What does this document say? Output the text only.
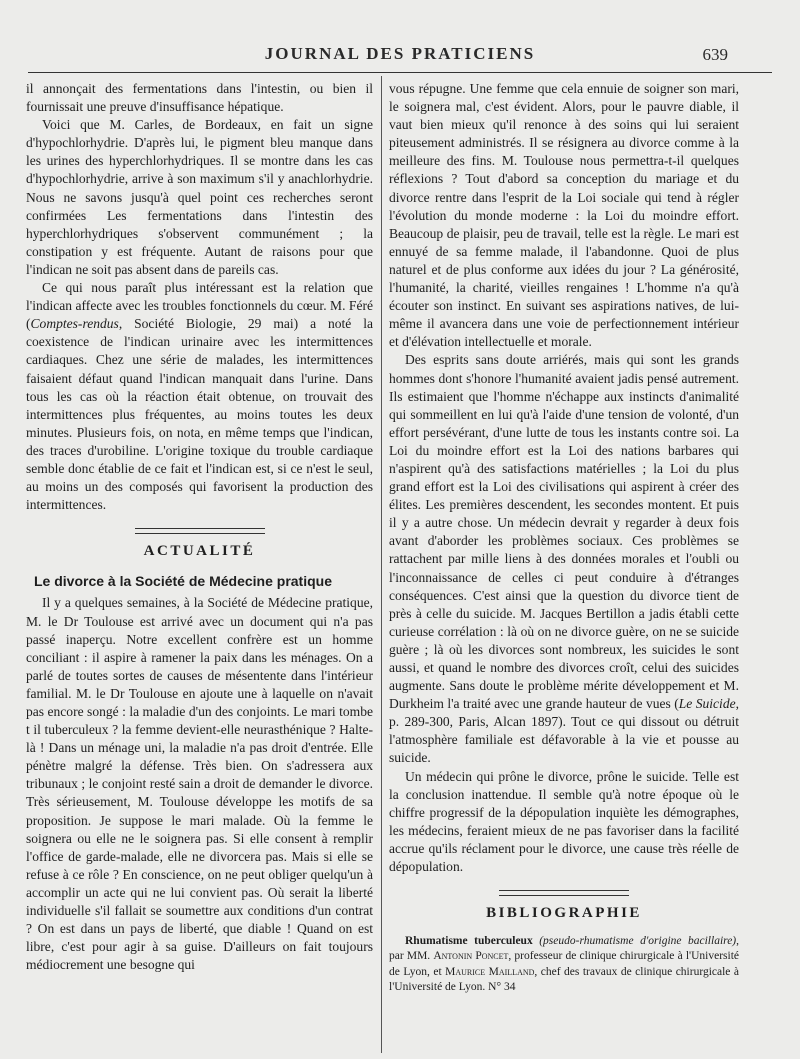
JOURNAL DES PRATICIENS	639

il annonçait des fermentations dans l'intestin, ou bien il fournissait une preuve d'insuffisance hépatique.

Voici que M. Carles, de Bordeaux, en fait un signe d'hypochlorhydrie. D'après lui, le pigment bleu manque dans les urines des hyperchlorhydriques. Il se montre dans les cas d'hypochlorhydrie, arrive à son maximum s'il y anachlorhydrie. Nous ne savons jusqu'à quel point ces recherches seront confirmées Les fermentations dans l'intestin des hyperchlorhydriques s'observent communément ; la constipation y est fréquente. Autant de raisons pour que l'indican ne soit pas absent dans de pareils cas.

Ce qui nous paraît plus intéressant est la relation que l'indican affecte avec les troubles fonctionnels du cœur. M. Féré (Comptes-rendus, Société Biologie, 29 mai) a noté la coexistence de l'indican urinaire avec les intermittences cardiaques. Chez une série de malades, les intermittences faisaient défaut quand l'indican manquait dans l'urine. Dans tous les cas où la réaction était obtenue, on trouvait des intermittences plus fréquentes, au moins toutes les deux minutes. Plusieurs fois, on nota, en même temps que l'indican, des traces d'urobiline. L'origine toxique du trouble cardiaque semble donc établie de ce fait et l'indican est, si ce n'est le seul, au moins un des composés qui favorisent la production des intermittences.

ACTUALITÉ
Le divorce à la Société de Médecine pratique

Il y a quelques semaines, à la Société de Médecine pratique, M. le Dr Toulouse est arrivé avec un document qui n'a pas passé inaperçu. Notre excellent confrère est un homme conciliant : il aspire à ramener la paix dans les ménages. On a parlé de toutes sortes de causes de mésentente dans l'intérieur familial. M. le Dr Toulouse en ajoute une à laquelle on n'avait pas encore songé : la maladie d'un des conjoints. Le mari tombe t il tuberculeux ? la femme devient-elle neurasthénique ? Halte-là ! Dans un ménage uni, la maladie n'a pas droit d'entrée. Elle pénètre malgré la défense. Très bien. On s'adressera aux tribunaux ; le conjoint resté sain a droit de demander le divorce. Très sérieusement, M. Toulouse développe les motifs de sa proposition. Je suppose le mari malade. Où la femme le soignera ou elle ne le soignera pas. Si elle consent à remplir l'office de garde-malade, elle ne divorcera pas. Mais si elle se refuse à ce rôle ? En conscience, on ne peut obliger quelqu'un à accomplir un acte qui ne lui convient pas. Où serait la liberté individuelle s'il fallait se soumettre aux conditions d'un contrat ? On est dans un pays de liberté, que diable ! Quand on est libre, c'est pour agir à sa guise. D'ailleurs on fait toujours médiocrement une besogne qui

vous répugne. Une femme que cela ennuie de soigner son mari, le soignera mal, c'est évident. Alors, pour le pauvre diable, il vaut bien mieux qu'il renonce à des soins qui lui seraient piteusement administrés. Il se résignera au divorce comme à la meilleure des fins. M. Toulouse nous permettra-t-il quelques réflexions ? Tout d'abord sa conception du mariage et du divorce rentre dans l'esprit de la Loi sociale qui tend à régler l'évolution du monde moderne : la Loi du moindre effort. Beaucoup de plaisir, peu de travail, telle est la règle. Le mari est ennuyé de sa femme malade, il l'abandonne. Quoi de plus naturel et de plus conforme aux idées du jour ? La générosité, l'humanité, la charité, vieilles rengaines ! L'homme n'a qu'à écouter son instinct. En suivant ses aspirations natives, de lui-même il avancera dans une voie de perfectionnement intérieur et d'élévation intellectuelle et morale.

Des esprits sans doute arriérés, mais qui sont les grands hommes dont s'honore l'humanité avaient jadis pensé autrement. Ils estimaient que l'homme n'échappe aux instincts d'animalité qui sommeillent en lui qu'à l'aide d'une tension de volonté, d'un effort persévérant, d'une lutte de tous les instants contre soi. La Loi du moindre effort est la Loi des nations barbares qui n'aspirent qu'à des satisfactions matérielles ; la Loi du plus grand effort est la Loi des civilisations qui aspirent à créer des élites. Les premières descendent, les secondes montent. Et puis il y a autre chose. Un médecin devrait y regarder à deux fois avant d'aborder les problèmes sociaux. Ces problèmes se rattachent par mille liens à des données morales et l'oubli ou l'inconnaissance de celles ci peut conduire à d'étranges conséquences. C'est ainsi que la question du divorce tient de près à celle du suicide. M. Jacques Bertillon a jadis établi cette curieuse corrélation : là où on ne divorce guère, on ne se suicide guère ; là où les divorces sont nombreux, les suicides le sont aussi, et quand le nombre des divorces croît, celui des suicides augmente. Sans doute le problème mérite développement et M. Durkheim l'a traité avec une grande hauteur de vues (Le Suicide, p. 289-300, Paris, Alcan 1897). Tout ce qui dissout ou détruit l'atmosphère familiale est défavorable à la vie et pousse au suicide.

Un médecin qui prône le divorce, prône le suicide. Telle est la conclusion inattendue. Il semble qu'à notre époque où le chiffre progressif de la dépopulation inquiète les démographes, les médecins, feraient mieux de ne pas favoriser dans la facilité accrue qu'ils réclament pour le divorce, une cause très réelle de dépopulation.

BIBLIOGRAPHIE

Rhumatisme tuberculeux (pseudo-rhumatisme d'origine bacillaire), par MM. Antonin Poncet, professeur de clinique chirurgicale à l'Université de Lyon, et Maurice Mailland, chef des travaux de clinique chirurgicale à l'Université de Lyon. N° 34
